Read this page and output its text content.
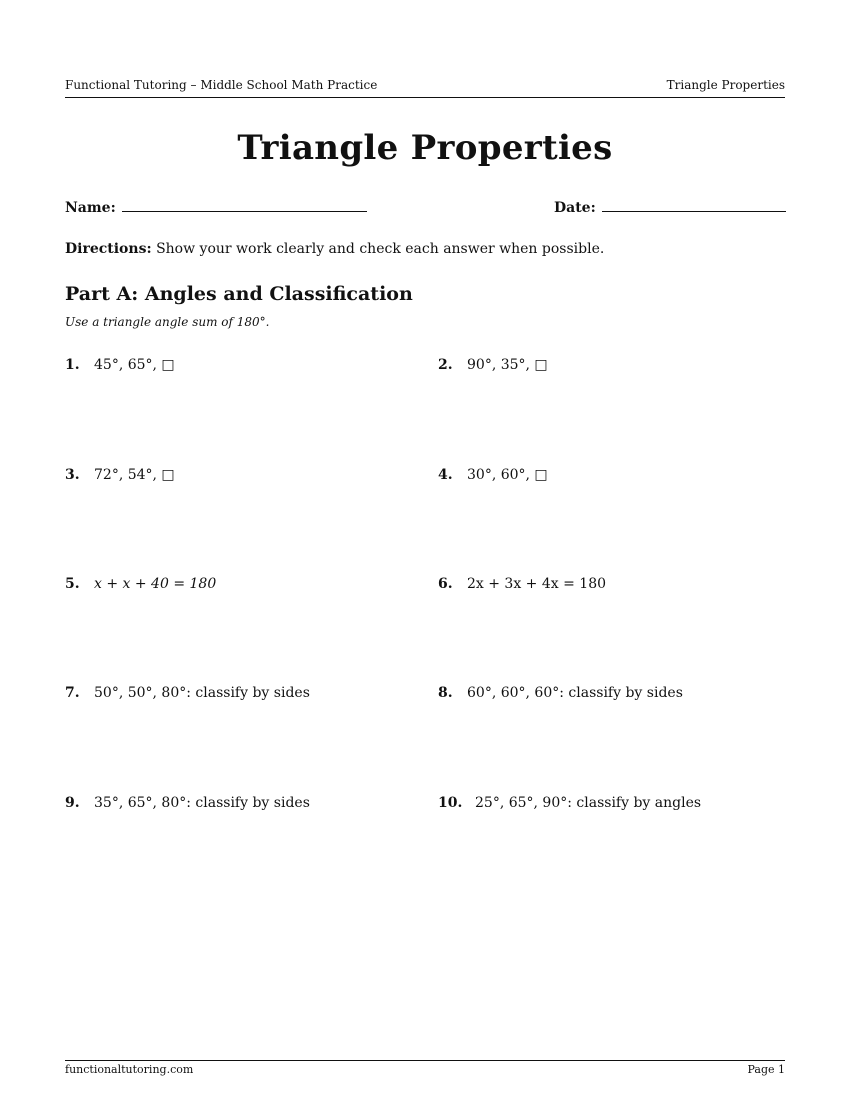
Functional Tutoring – Middle School Math Practice	Triangle Properties
Triangle Properties
Name:	Date:
Directions: Show your work clearly and check each answer when possible.
Part A: Angles and Classification
Use a triangle angle sum of 180°.
1.	45°, 65°, □	2.	90°, 35°, □
3.	72°, 54°, □	4.	30°, 60°, □
5.	x + x + 40 = 180	6.	2x + 3x + 4x = 180
7.	50°, 50°, 80°: classify by sides	8.	60°, 60°, 60°: classify by sides
9.	35°, 65°, 80°: classify by sides	10. 25°, 65°, 90°: classify by angles
functionaltutoring.com	Page 1
